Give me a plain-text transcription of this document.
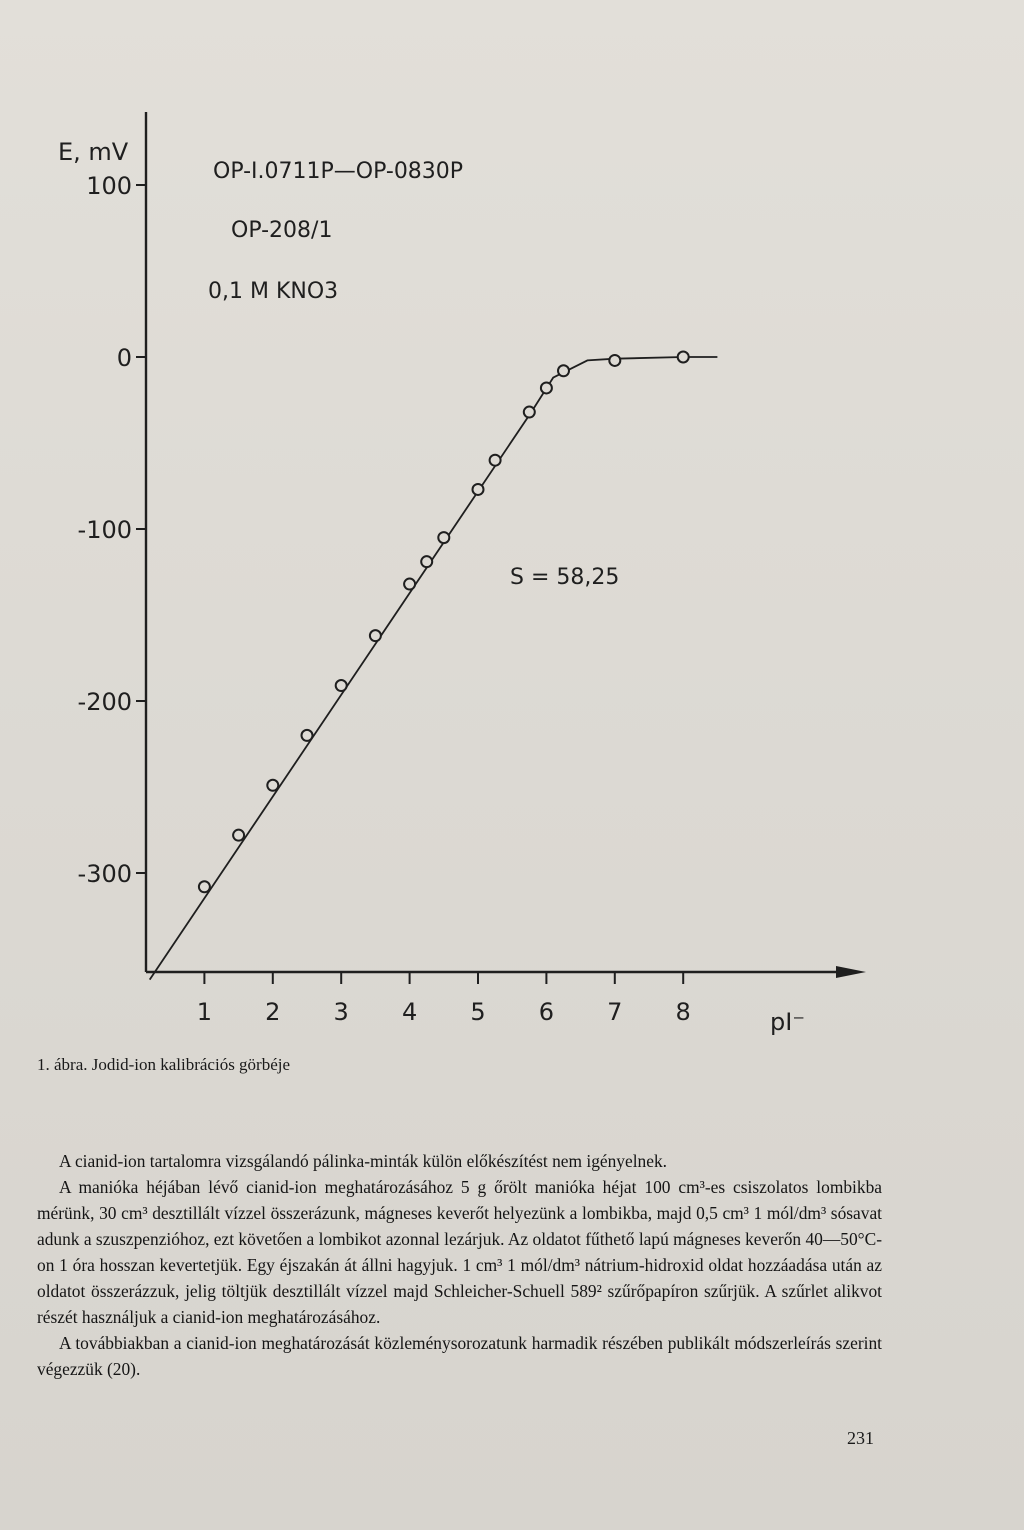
100
0
-100
-200
-300
1 2 3 4 5 6 7 8
E, mV
pI⁻
OP-I.0711P—OP-0830P
OP-208/1
0,1 M KNO3
S = 58,25
1. ábra. Jodid-ion kalibrációs görbéje

A cianid-ion tartalomra vizsgálandó pálinka-minták külön előkészítést nem igényelnek.

A manióka héjában lévő cianid-ion meghatározásához 5 g őrölt manióka héjat 100 cm³-es csiszolatos lombikba mérünk, 30 cm³ desztillált vízzel összerázunk, mágneses keverőt helyezünk a lombikba, majd 0,5 cm³ 1 mól/dm³ sósavat adunk a szuszpenzióhoz, ezt követően a lombikot azonnal lezárjuk. Az oldatot fűthető lapú mágneses keverőn 40—50°C-on 1 óra hosszan kevertetjük. Egy éjszakán át állni hagyjuk. 1 cm³ 1 mól/dm³ nátrium-hidroxid oldat hozzáadása után az oldatot összerázzuk, jelig töltjük desztillált vízzel majd Schleicher-Schuell 589² szűrőpapíron szűrjük. A szűrlet alikvot részét használjuk a cianid-ion meghatározásához.

A továbbiakban a cianid-ion meghatározását közleménysorozatunk harmadik részében publikált módszerleírás szerint végezzük (20).

231
